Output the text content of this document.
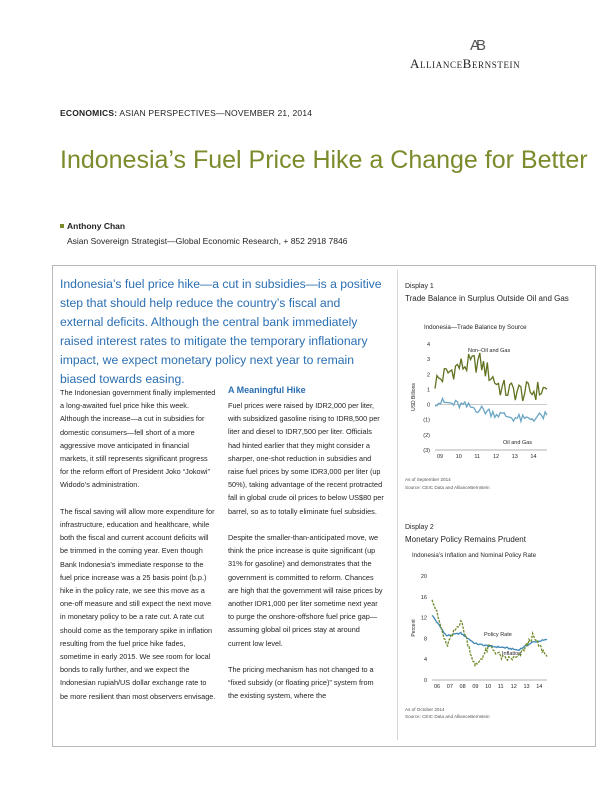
AB
AllianceBernstein
ECONOMICS: ASIAN PERSPECTIVES—NOVEMBER 21, 2014
Indonesia’s Fuel Price Hike a Change for Better
Anthony Chan
Asian Sovereign Strategist—Global Economic Research, + 852 2918 7846
Indonesia’s fuel price hike—a cut in subsidies—is a positive step that should help reduce the country’s fiscal and external deficits. Although the central bank immediately raised interest rates to mitigate the temporary inflationary impact, we expect monetary policy next year to remain biased towards easing.

The Indonesian government finally implemented a long-awaited fuel price hike this week. Although the increase—a cut in subsidies for domestic consumers—fell short of a more aggressive move anticipated in financial markets, it still represents significant progress for the reform effort of President Joko “Jokowi” Widodo’s administration.

The fiscal saving will allow more expenditure for infrastructure, education and healthcare, while both the fiscal and current account deficits will be trimmed in the coming year. Even though Bank Indonesia’s immediate response to the fuel price increase was a 25 basis point (b.p.) hike in the policy rate, we see this move as a one-off measure and still expect the next move in monetary policy to be a rate cut. A rate cut should come as the temporary spike in inflation resulting from the fuel price hike fades, sometime in early 2015. We see room for local bonds to rally further, and we expect the Indonesian rupiah/US dollar exchange rate to be more resilient than most observers envisage.

A Meaningful Hike

Fuel prices were raised by IDR2,000 per liter, with subsidized gasoline rising to IDR8,500 per liter and diesel to IDR7,500 per liter. Officials had hinted earlier that they might consider a sharper, one-shot reduction in subsidies and raise fuel prices by some IDR3,000 per liter (up 50%), taking advantage of the recent protracted fall in global crude oil prices to below US$80 per barrel, so as to totally eliminate fuel subsidies.

Despite the smaller-than-anticipated move, we think the price increase is quite significant (up 31% for gasoline) and demonstrates that the government is committed to reform. Chances are high that the government will raise prices by another IDR1,000 per liter sometime next year to purge the onshore-offshore fuel price gap—assuming global oil prices stay at around current low level.

The pricing mechanism has not changed to a “fixed subsidy (or floating price)” system from the existing system, where the

Display 1
Trade Balance in Surplus Outside Oil and Gas
Indonesia—Trade Balance by Source
4
3
2
1
0
(1)
(2)
(3)
09 10 11 12 13 14
USD Billions
Non–Oil and Gas
Oil and Gas
As of September 2014
Source: CEIC Data and AllianceBernstein
Display 2
Monetary Policy Remains Prudent
Indonesia’s Inflation and Nominal Policy Rate
20
16
12
8
4
0
06 07 08 09 10 11 12 13 14
Percent	Policy Rate
Inflation
As of October 2014
Source: CEIC Data and AllianceBernstein
